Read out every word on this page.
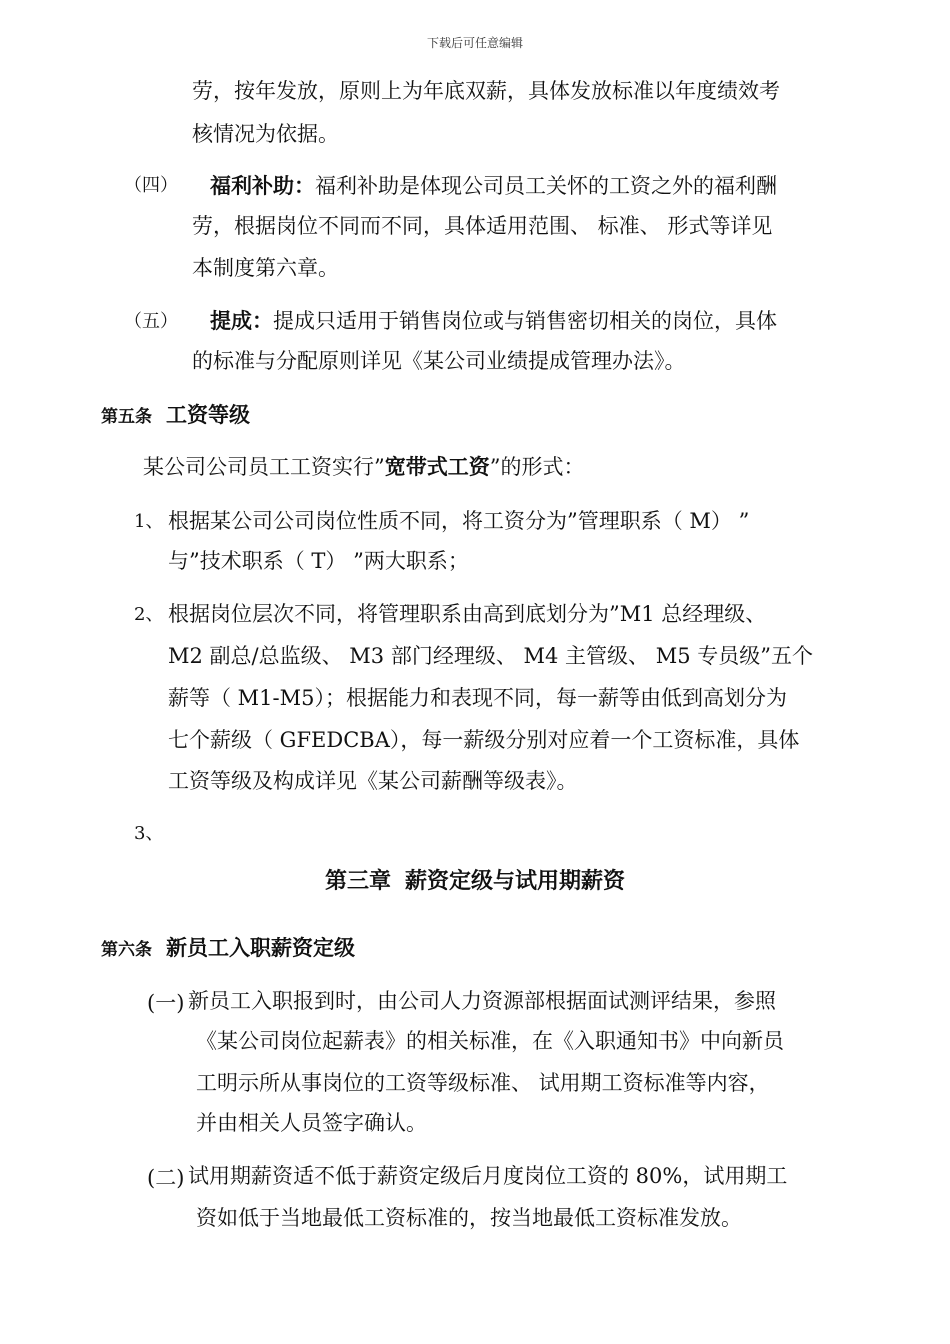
下载后可任意编辑
劳，按年发放，原则上为年底双薪，具体发放标准以年度绩效考
核情况为依据。
（四） 福利补助：福利补助是体现公司员工关怀的工资之外的福利酬
劳，根据岗位不同而不同，具体适用范围、 标准、 形式等详见
本制度第六章。
（五） 提成：提成只适用于销售岗位或与销售密切相关的岗位，具体
的标准与分配原则详见《某公司业绩提成管理办法》。
第五条 工资等级
某公司公司员工工资实行”宽带式工资”的形式：
1、 根据某公司公司岗位性质不同，将工资分为”管理职系（ M） ”
与”技术职系（ T） ”两大职系；
2、 根据岗位层次不同，将管理职系由高到底划分为”M1 总经理级、
M2 副总/总监级、 M3 部门经理级、 M4 主管级、 M5 专员级”五个
薪等（ M1-M5）；根据能力和表现不同，每一薪等由低到高划分为
七个薪级（ GFEDCBA），每一薪级分别对应着一个工资标准，具体
工资等级及构成详见《某公司薪酬等级表》。
3、
第三章 薪资定级与试用期薪资
第六条 新员工入职薪资定级
(一) 新员工入职报到时，由公司人力资源部根据面试测评结果，参照
《某公司岗位起薪表》的相关标准，在《入职通知书》中向新员
工明示所从事岗位的工资等级标准、 试用期工资标准等内容，
并由相关人员签字确认。
(二) 试用期薪资适不低于薪资定级后月度岗位工资的 80%，试用期工
资如低于当地最低工资标准的，按当地最低工资标准发放。
